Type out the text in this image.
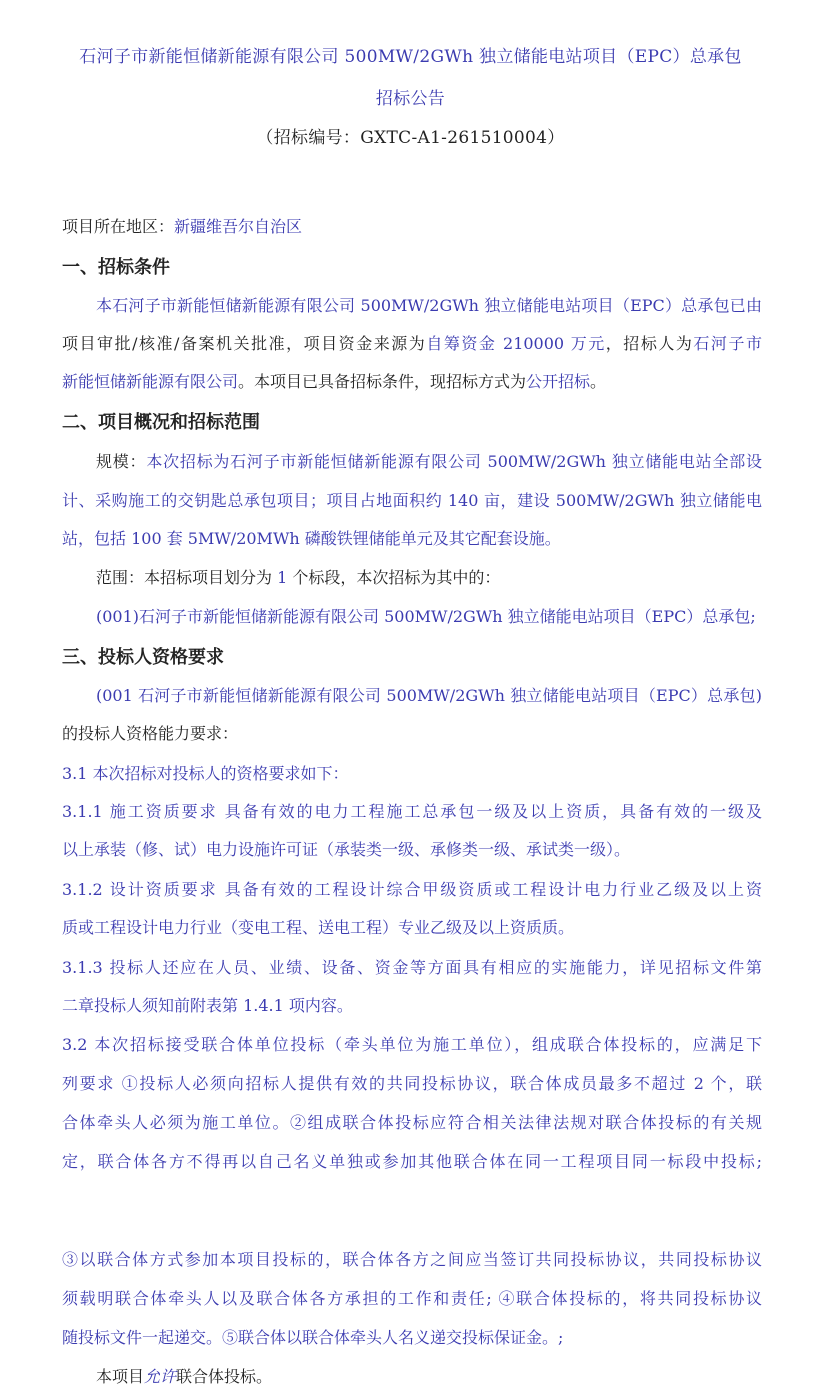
石河子市新能恒储新能源有限公司 500MW/2GWh 独立储能电站项目（EPC）总承包
招标公告
（招标编号：GXTC-A1-261510004）
项目所在地区：新疆维吾尔自治区
一、招标条件
本石河子市新能恒储新能源有限公司 500MW/2GWh 独立储能电站项目（EPC）总承包已由
项目审批/核准/备案机关批准，项目资金来源为自筹资金 210000 万元，招标人为石河子市
新能恒储新能源有限公司。本项目已具备招标条件，现招标方式为公开招标。
二、项目概况和招标范围
规模：本次招标为石河子市新能恒储新能源有限公司 500MW/2GWh 独立储能电站全部设
计、采购施工的交钥匙总承包项目；项目占地面积约 140 亩，建设 500MW/2GWh 独立储能电
站，包括 100 套 5MW/20MWh 磷酸铁锂储能单元及其它配套设施。
范围：本招标项目划分为 1 个标段，本次招标为其中的：
(001)石河子市新能恒储新能源有限公司 500MW/2GWh 独立储能电站项目（EPC）总承包;
三、投标人资格要求
(001 石河子市新能恒储新能源有限公司 500MW/2GWh 独立储能电站项目（EPC）总承包)
的投标人资格能力要求：
3.1 本次招标对投标人的资格要求如下：
3.1.1 施工资质要求 具备有效的电力工程施工总承包一级及以上资质，具备有效的一级及
以上承装（修、试）电力设施许可证（承装类一级、承修类一级、承试类一级）。
3.1.2 设计资质要求 具备有效的工程设计综合甲级资质或工程设计电力行业乙级及以上资
质或工程设计电力行业（变电工程、送电工程）专业乙级及以上资质质。
3.1.3 投标人还应在人员、业绩、设备、资金等方面具有相应的实施能力，详见招标文件第
二章投标人须知前附表第 1.4.1 项内容。
3.2 本次招标接受联合体单位投标（牵头单位为施工单位），组成联合体投标的，应满足下
列要求 ①投标人必须向招标人提供有效的共同投标协议，联合体成员最多不超过 2 个，联
合体牵头人必须为施工单位。②组成联合体投标应符合相关法律法规对联合体投标的有关规
定，联合体各方不得再以自己名义单独或参加其他联合体在同一工程项目同一标段中投标;
③以联合体方式参加本项目投标的，联合体各方之间应当签订共同投标协议，共同投标协议
须载明联合体牵头人以及联合体各方承担的工作和责任; ④联合体投标的，将共同投标协议
随投标文件一起递交。⑤联合体以联合体牵头人名义递交投标保证金。;
本项目允许联合体投标。
